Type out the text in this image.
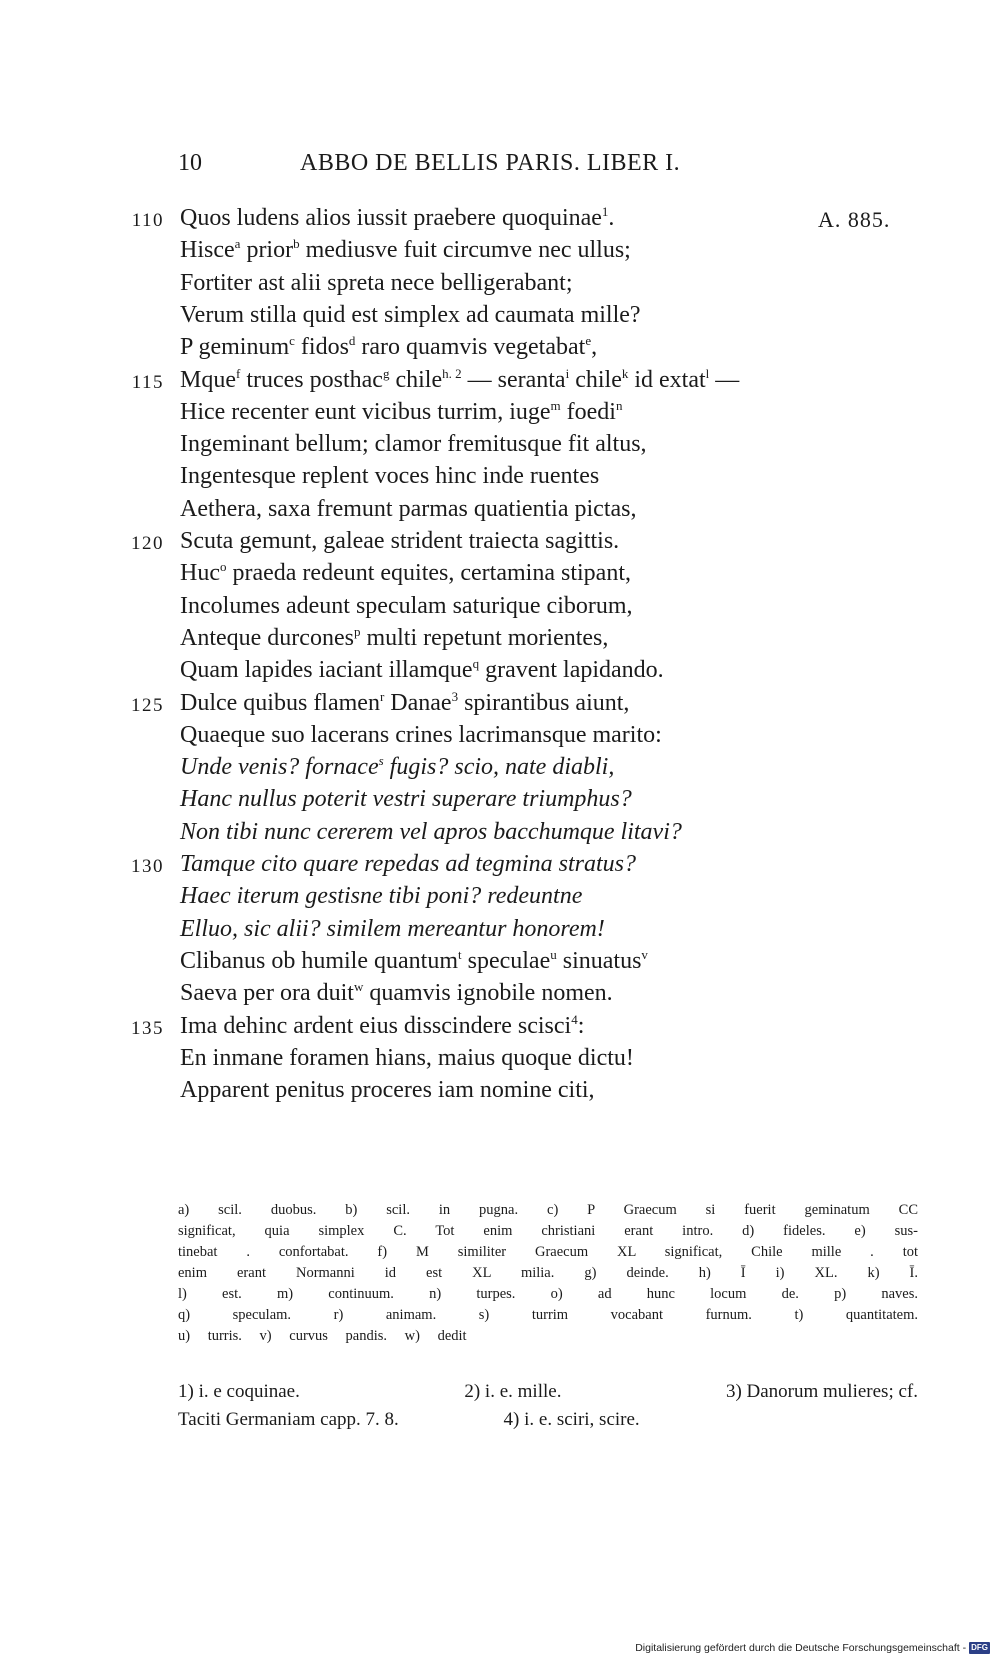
10	ABBO DE BELLIS PARIS. LIBER I.
110 Quos ludens alios iussit praebere quoquinae$^1$.	A. 885.
Hisce$^a$ prior$^b$ mediusve fuit circumve nec ullus;
Fortiter ast alii spreta nece belligerabant;
Verum stilla quid est simplex ad caumata mille?
P geminum$^c$ fidos$^d$ raro quamvis vegetabat$^e$,
115 Mque$^f$ truces posthac$^g$ chile$^{h. 2}$ — seranta$^i$ chile$^k$ id extat$^l$ —
Hice recenter eunt vicibus turrim, iuge$^m$ foedi$^n$
Ingeminant bellum; clamor fremitusque fit altus,
Ingentesque replent voces hinc inde ruentes
Aethera, saxa fremunt parmas quatientia pictas,
120 Scuta gemunt, galeae strident traiecta sagittis.
Huc$^o$ praeda redeunt equites, certamina stipant,
Incolumes adeunt speculam saturique ciborum,
Anteque durcones$^p$ multi repetunt morientes,
Quam lapides iaciant illamque$^q$ gravent lapidando.
125 Dulce quibus flamen$^r$ Danae$^3$ spirantibus aiunt,
Quaeque suo lacerans crines lacrimansque marito:
Unde venis? fornace$^s$ fugis? scio, nate diabli,
Hanc nullus poterit vestri superare triumphus?
Non tibi nunc cererem vel apros bacchumque litavi?
130 Tamque cito quare repedas ad tegmina stratus?
Haec iterum gestisne tibi poni? redeuntne
Elluo, sic alii? similem mereantur honorem!
Clibanus ob humile quantum$^t$ speculae$^u$ sinuatus$^v$
Saeva per ora duit$^w$ quamvis ignobile nomen.
135 Ima dehinc ardent eius disscindere scisci$^4$:
En inmane foramen hians, maius quoque dictu!
Apparent penitus proceres iam nomine citi,
a) scil. duobus. b) scil. in pugna. c) P Graecum si fuerit geminatum CC
significat, quia simplex C. Tot enim christiani erant intro. d) fideles. e) sus-
tinebat . confortabat. f) M similiter Graecum XL significat, Chile mille . tot
enim erant Normanni id est XL milia. g) deinde. h) Ī i) XL. k) Ī.
l) est. m) continuum. n) turpes. o) ad hunc locum de. p) naves.
q) speculam. r) animam. s) turrim vocabant furnum. t) quantitatem.
u) turris. v) curvus pandis. w) dedit
1) i. e coquinae.	2) i. e. mille.	3) Danorum mulieres; cf.
Taciti Germaniam capp. 7. 8.	4) i. e. sciri, scire.
Digitalisierung gefördert durch die Deutsche Forschungsgemeinschaft - DFG
